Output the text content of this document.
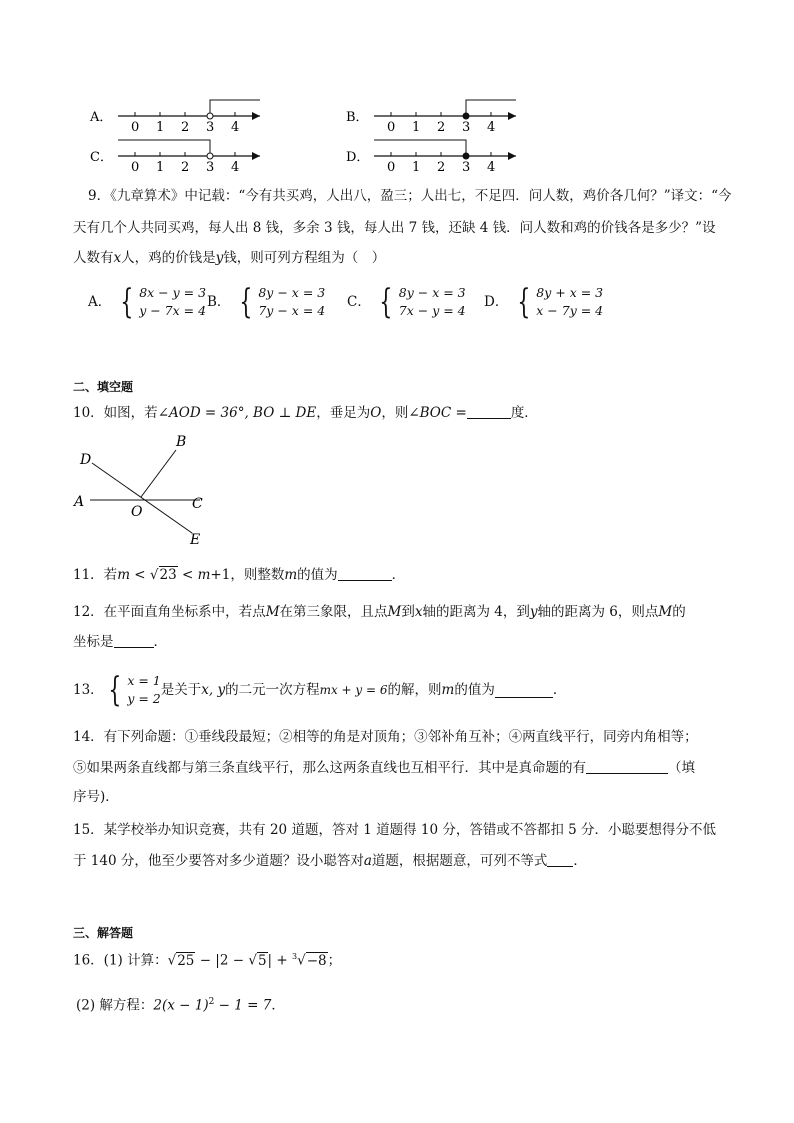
A．
0 1 2 3 4
B．
0 1 2 3 4
C．
0 1 2 3 4
D．
0 1 2 3 4
9．《九章算术》中记载：“今有共买鸡，人出八，盈三；人出七，不足四．问人数，鸡价各几何？”译文：“今
天有几个人共同买鸡，每人出 8 钱，多余 3 钱，每人出 7 钱，还缺 4 钱．问人数和鸡的价钱各是多少？”设
人数有x人，鸡的价钱是y钱，则可列方程组为（　）
A． { 8x − y = 3
y − 7x = 4
B． { 8y − x = 3
7y − x = 4
C． { 8y − x = 3
7x − y = 4
D． { 8y + x = 3
x − 7y = 4
二、填空题
10．如图，若∠AOD = 36°, BO ⊥ DE，垂足为O，则∠BOC =	度．
A
B
C
D
E
O
11．若m < √23 < m+1，则整数m的值为	．
12．在平面直角坐标系中，若点M在第三象限，且点M到x轴的距离为 4，到y轴的距离为 6，则点M的
坐标是	．
13． { x = 1
y = 2
是关于x, y的二元一次方程mx + y = 6的解，则m的值为	．
14．有下列命题：①垂线段最短；②相等的角是对顶角；③邻补角互补；④两直线平行，同旁内角相等；
⑤如果两条直线都与第三条直线平行，那么这两条直线也互相平行．其中是真命题的有	（填
序号)．
15．某学校举办知识竞赛，共有 20 道题，答对 1 道题得 10 分，答错或不答都扣 5 分．小聪要想得分不低
于 140 分，他至少要答对多少道题？设小聪答对a道题，根据题意，可列不等式 ．
三、解答题
16．(1) 计算：√25 − |2 − √5| + $^3$√−8；
(2) 解方程：$2(x - 1)^2 - 1 = 7$．
